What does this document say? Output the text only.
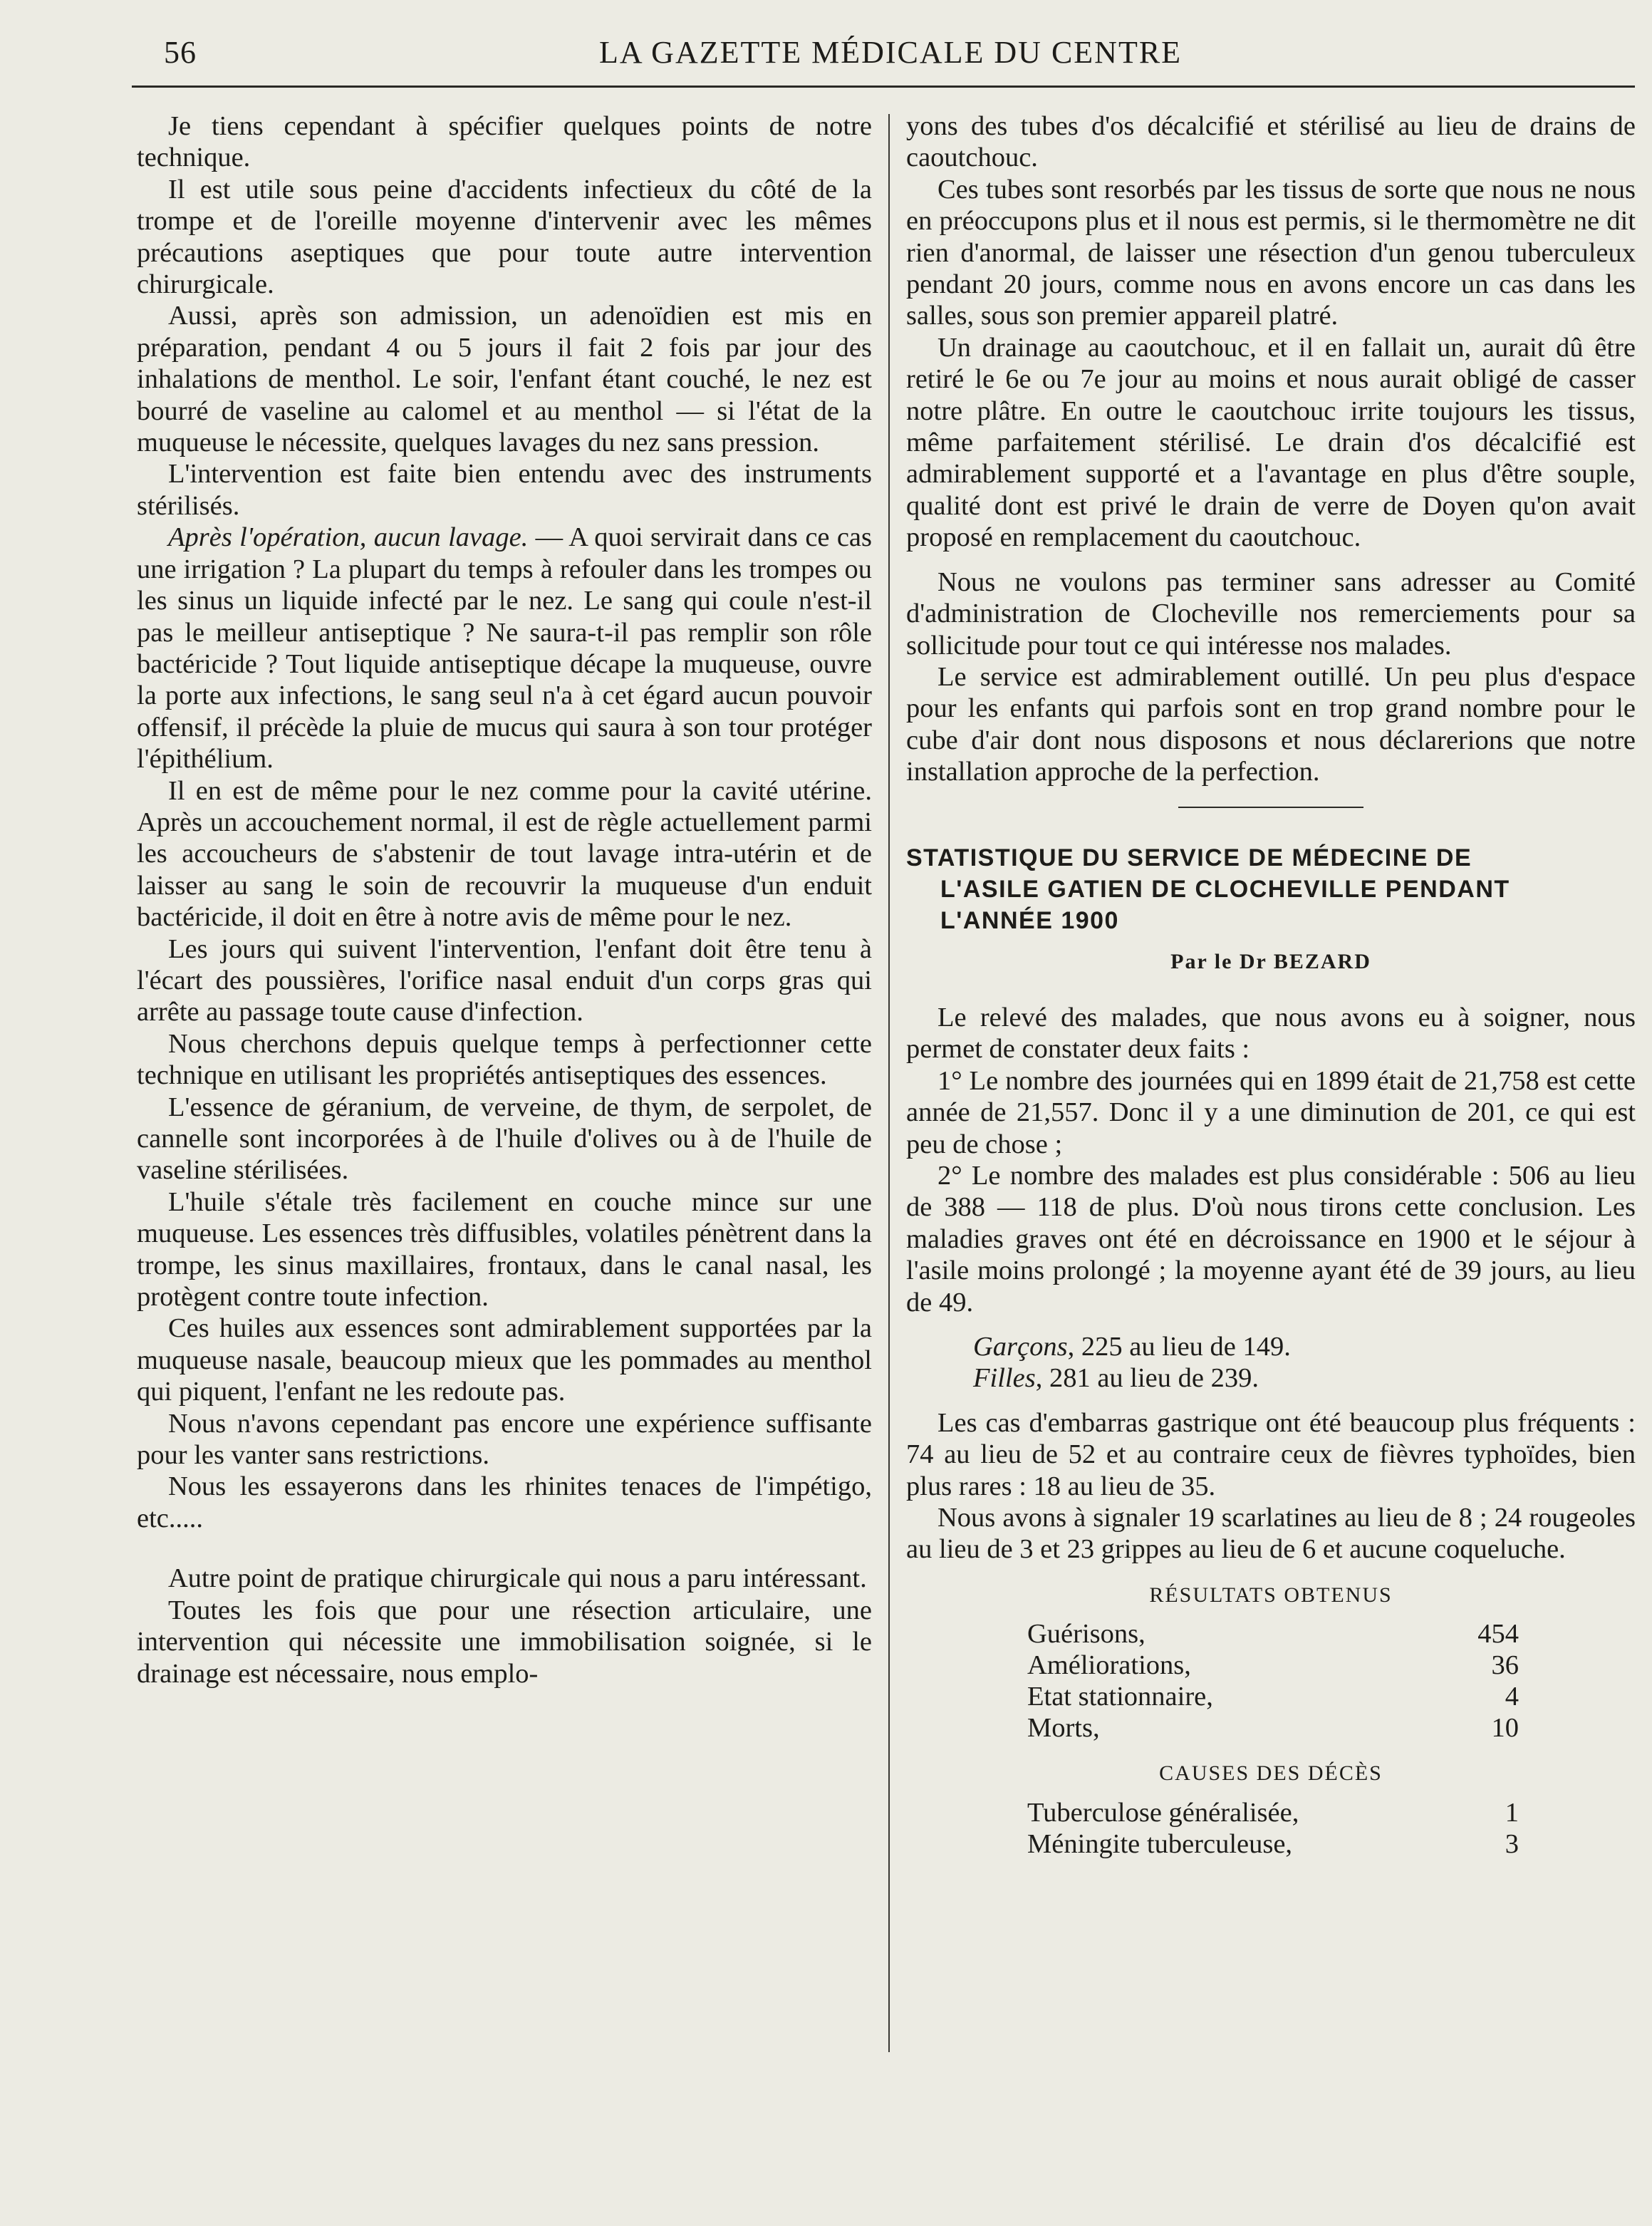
56	LA GAZETTE MÉDICALE DU CENTRE

Je tiens cependant à spécifier quelques points de notre technique.

Il est utile sous peine d'accidents infectieux du côté de la trompe et de l'oreille moyenne d'intervenir avec les mêmes précautions aseptiques que pour toute autre intervention chirurgicale.

Aussi, après son admission, un adenoïdien est mis en préparation, pendant 4 ou 5 jours il fait 2 fois par jour des inhalations de menthol. Le soir, l'enfant étant couché, le nez est bourré de vaseline au calomel et au menthol — si l'état de la muqueuse le nécessite, quelques lavages du nez sans pression.

L'intervention est faite bien entendu avec des instruments stérilisés.

Après l'opération, aucun lavage. — A quoi servirait dans ce cas une irrigation ? La plupart du temps à refouler dans les trompes ou les sinus un liquide infecté par le nez. Le sang qui coule n'est-il pas le meilleur antiseptique ? Ne saura-t-il pas remplir son rôle bactéricide ? Tout liquide antiseptique décape la muqueuse, ouvre la porte aux infections, le sang seul n'a à cet égard aucun pouvoir offensif, il précède la pluie de mucus qui saura à son tour protéger l'épithélium.

Il en est de même pour le nez comme pour la cavité utérine. Après un accouchement normal, il est de règle actuellement parmi les accoucheurs de s'abstenir de tout lavage intra-utérin et de laisser au sang le soin de recouvrir la muqueuse d'un enduit bactéricide, il doit en être à notre avis de même pour le nez.

Les jours qui suivent l'intervention, l'enfant doit être tenu à l'écart des poussières, l'orifice nasal enduit d'un corps gras qui arrête au passage toute cause d'infection.

Nous cherchons depuis quelque temps à perfectionner cette technique en utilisant les propriétés antiseptiques des essences.

L'essence de géranium, de verveine, de thym, de serpolet, de cannelle sont incorporées à de l'huile d'olives ou à de l'huile de vaseline stérilisées.

L'huile s'étale très facilement en couche mince sur une muqueuse. Les essences très diffusibles, volatiles pénètrent dans la trompe, les sinus maxillaires, frontaux, dans le canal nasal, les protègent contre toute infection.

Ces huiles aux essences sont admirablement supportées par la muqueuse nasale, beaucoup mieux que les pommades au menthol qui piquent, l'enfant ne les redoute pas.

Nous n'avons cependant pas encore une expérience suffisante pour les vanter sans restrictions.

Nous les essayerons dans les rhinites tenaces de l'impétigo, etc.....

Autre point de pratique chirurgicale qui nous a paru intéressant.

Toutes les fois que pour une résection articulaire, une intervention qui nécessite une immobilisation soignée, si le drainage est nécessaire, nous emplo-

yons des tubes d'os décalcifié et stérilisé au lieu de drains de caoutchouc.

Ces tubes sont resorbés par les tissus de sorte que nous ne nous en préoccupons plus et il nous est permis, si le thermomètre ne dit rien d'anormal, de laisser une résection d'un genou tuberculeux pendant 20 jours, comme nous en avons encore un cas dans les salles, sous son premier appareil platré.

Un drainage au caoutchouc, et il en fallait un, aurait dû être retiré le 6e ou 7e jour au moins et nous aurait obligé de casser notre plâtre. En outre le caoutchouc irrite toujours les tissus, même parfaitement stérilisé. Le drain d'os décalcifié est admirablement supporté et a l'avantage en plus d'être souple, qualité dont est privé le drain de verre de Doyen qu'on avait proposé en remplacement du caoutchouc.

Nous ne voulons pas terminer sans adresser au Comité d'administration de Clocheville nos remerciements pour sa sollicitude pour tout ce qui intéresse nos malades.

Le service est admirablement outillé. Un peu plus d'espace pour les enfants qui parfois sont en trop grand nombre pour le cube d'air dont nous disposons et nous déclarerions que notre installation approche de la perfection.

STATISTIQUE DU SERVICE DE MÉDECINE DE
L'ASILE GATIEN DE CLOCHEVILLE PENDANT
L'ANNÉE 1900
Par le Dr BEZARD

Le relevé des malades, que nous avons eu à soigner, nous permet de constater deux faits :

1° Le nombre des journées qui en 1899 était de 21,758 est cette année de 21,557. Donc il y a une diminution de 201, ce qui est peu de chose ;

2° Le nombre des malades est plus considérable : 506 au lieu de 388 — 118 de plus. D'où nous tirons cette conclusion. Les maladies graves ont été en décroissance en 1900 et le séjour à l'asile moins prolongé ; la moyenne ayant été de 39 jours, au lieu de 49.

Garçons, 225 au lieu de 149.

Filles, 281 au lieu de 239.

Les cas d'embarras gastrique ont été beaucoup plus fréquents : 74 au lieu de 52 et au contraire ceux de fièvres typhoïdes, bien plus rares : 18 au lieu de 35.

Nous avons à signaler 19 scarlatines au lieu de 8 ; 24 rougeoles au lieu de 3 et 23 grippes au lieu de 6 et aucune coqueluche.

RÉSULTATS OBTENUS
Guérisons,	454
Améliorations,	36
Etat stationnaire,	4
Morts,	10
CAUSES DES DÉCÈS
Tuberculose généralisée,	1
Méningite tuberculeuse,	3
